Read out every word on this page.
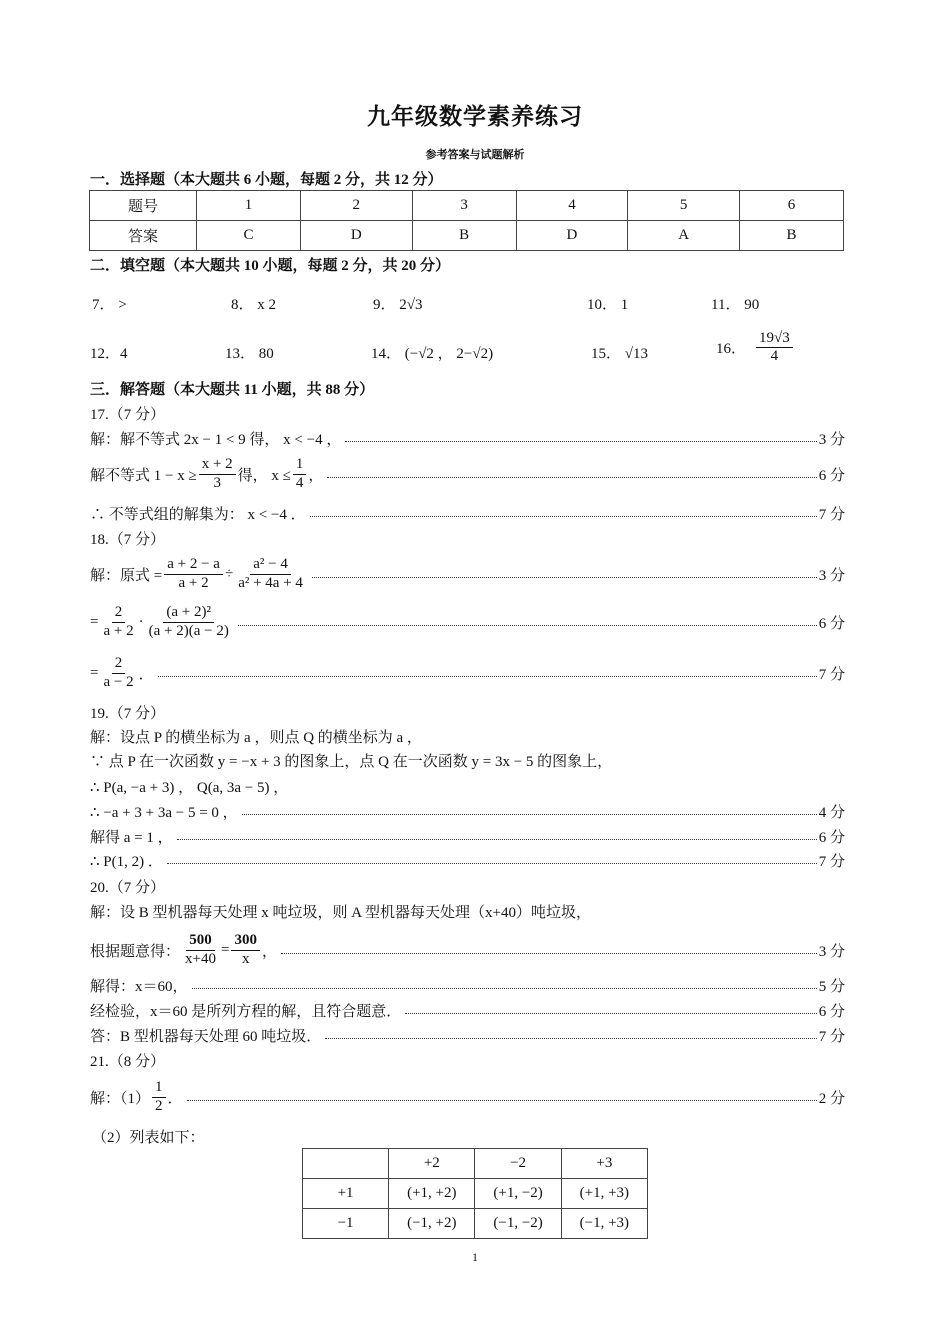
九年级数学素养练习
参考答案与试题解析
一．选择题（本大题共 6 小题，每题 2 分，共 12 分）
题号	1	2	3	4	5	6
答案	C	D	B	D	A	B
二．填空题（本大题共 10 小题，每题 2 分，共 20 分）
7． >	8． x 2	9． 2√3	10． 1	11． 90
12．4	13． 80	14． (−√2 ， 2−√2)	15． √13	16． $\frac{19√3}{4}$
三．解答题（本大题共 11 小题，共 88 分）
17.（7 分）
解：解不等式 2x − 1 < 9 得， x < −4 ，	3 分
解不等式 $1 - x \ge \frac{x + 2}{3}$ 得， $x \le \frac{1}{4}$ ，	6 分
∴ 不等式组的解集为： x < −4 ．	7 分
18.（7 分）
解：原式 = $\frac{a + 2 - a}{a + 2} \div \frac{\text{a² − 4}}{\text{a² + 4a + 4}}$	3 分
= $\frac{2}{a + 2} \cdot \frac{\text{(a + 2)²}}{(a + 2)(a - 2)}$	6 分
= $\frac{2}{a - 2}$ ．	7 分
19.（7 分）
解：设点 P 的横坐标为 a ，则点 Q 的横坐标为 a ，
∵ 点 P 在一次函数 y = −x + 3 的图象上，点 Q 在一次函数 y = 3x − 5 的图象上，
∴ P(a, −a + 3) ， Q(a, 3a − 5) ，
∴ −a + 3 + 3a − 5 = 0 ，	4 分
解得 a = 1 ，	6 分
∴ P(1, 2) ．	7 分
20.（7 分）
解：设 B 型机器每天处理 x 吨垃圾，则 A 型机器每天处理（x+40）吨垃圾，
根据题意得： $\frac{500}{x+40} = \frac{300}{x}$ ，	3 分
解得：x＝60，	5 分
经检验，x＝60 是所列方程的解，且符合题意．	6 分
答：B 型机器每天处理 60 吨垃圾．	7 分
21.（8 分）
解：$(1) \frac{1}{2}$ ．	2 分
（2）列表如下：
	+2	−2	+3
+1	(+1, +2)	(+1, −2)	(+1, +3)
−1	(−1, +2)	(−1, −2)	(−1, +3)
1
